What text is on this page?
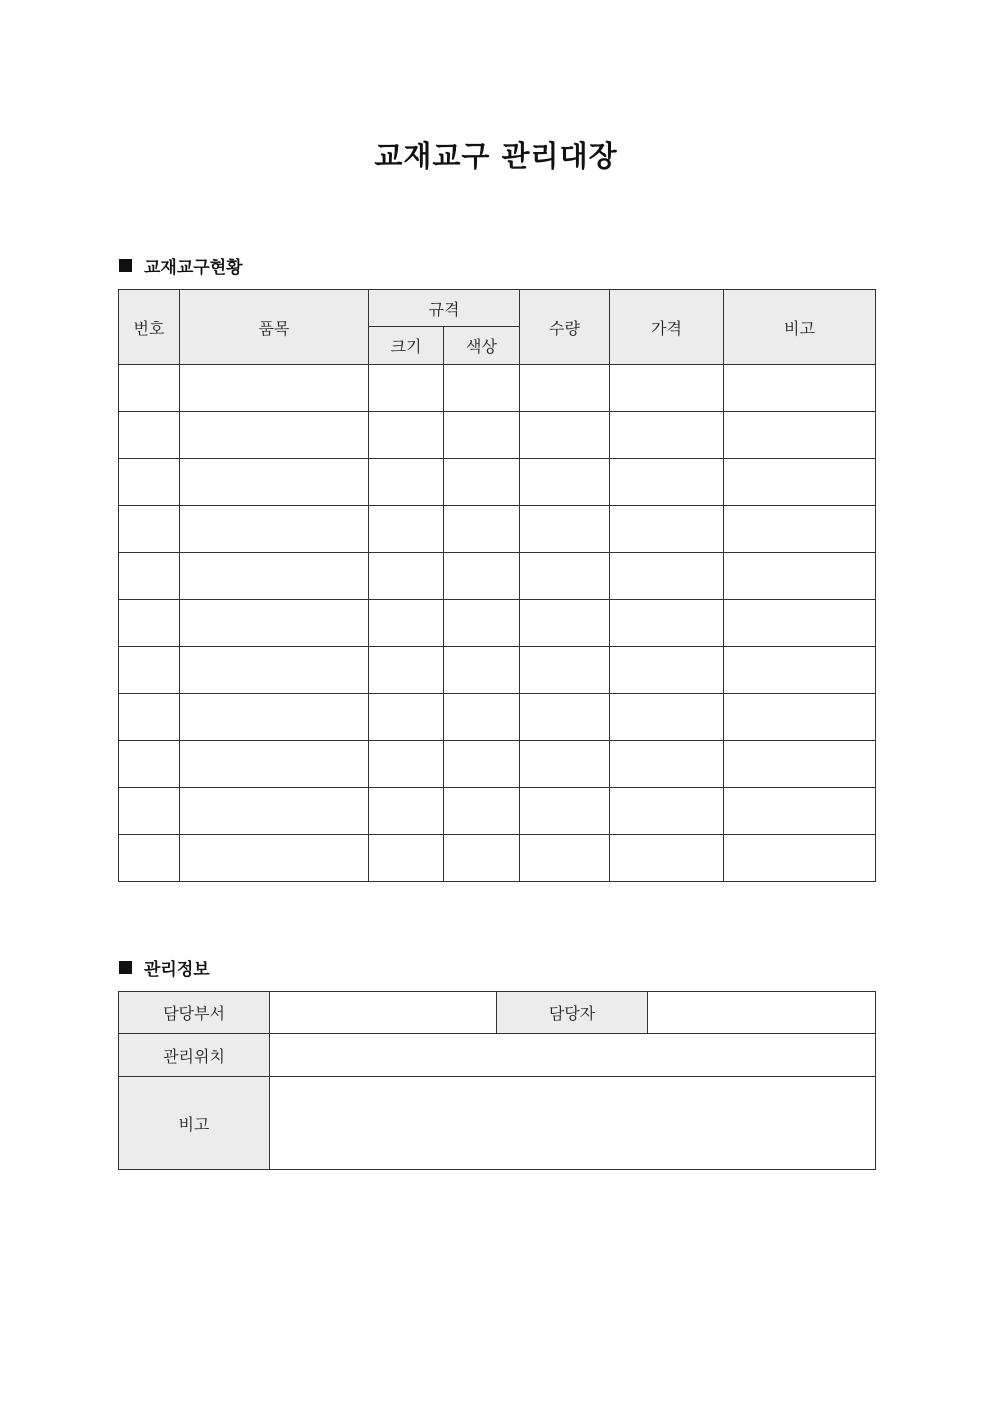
교재교구 관리대장
교재교구현황
번호	품목	규격		수량	가격	비고
		크기	색상			

관리정보
담당부서		담당자	
관리위치			
비고			
